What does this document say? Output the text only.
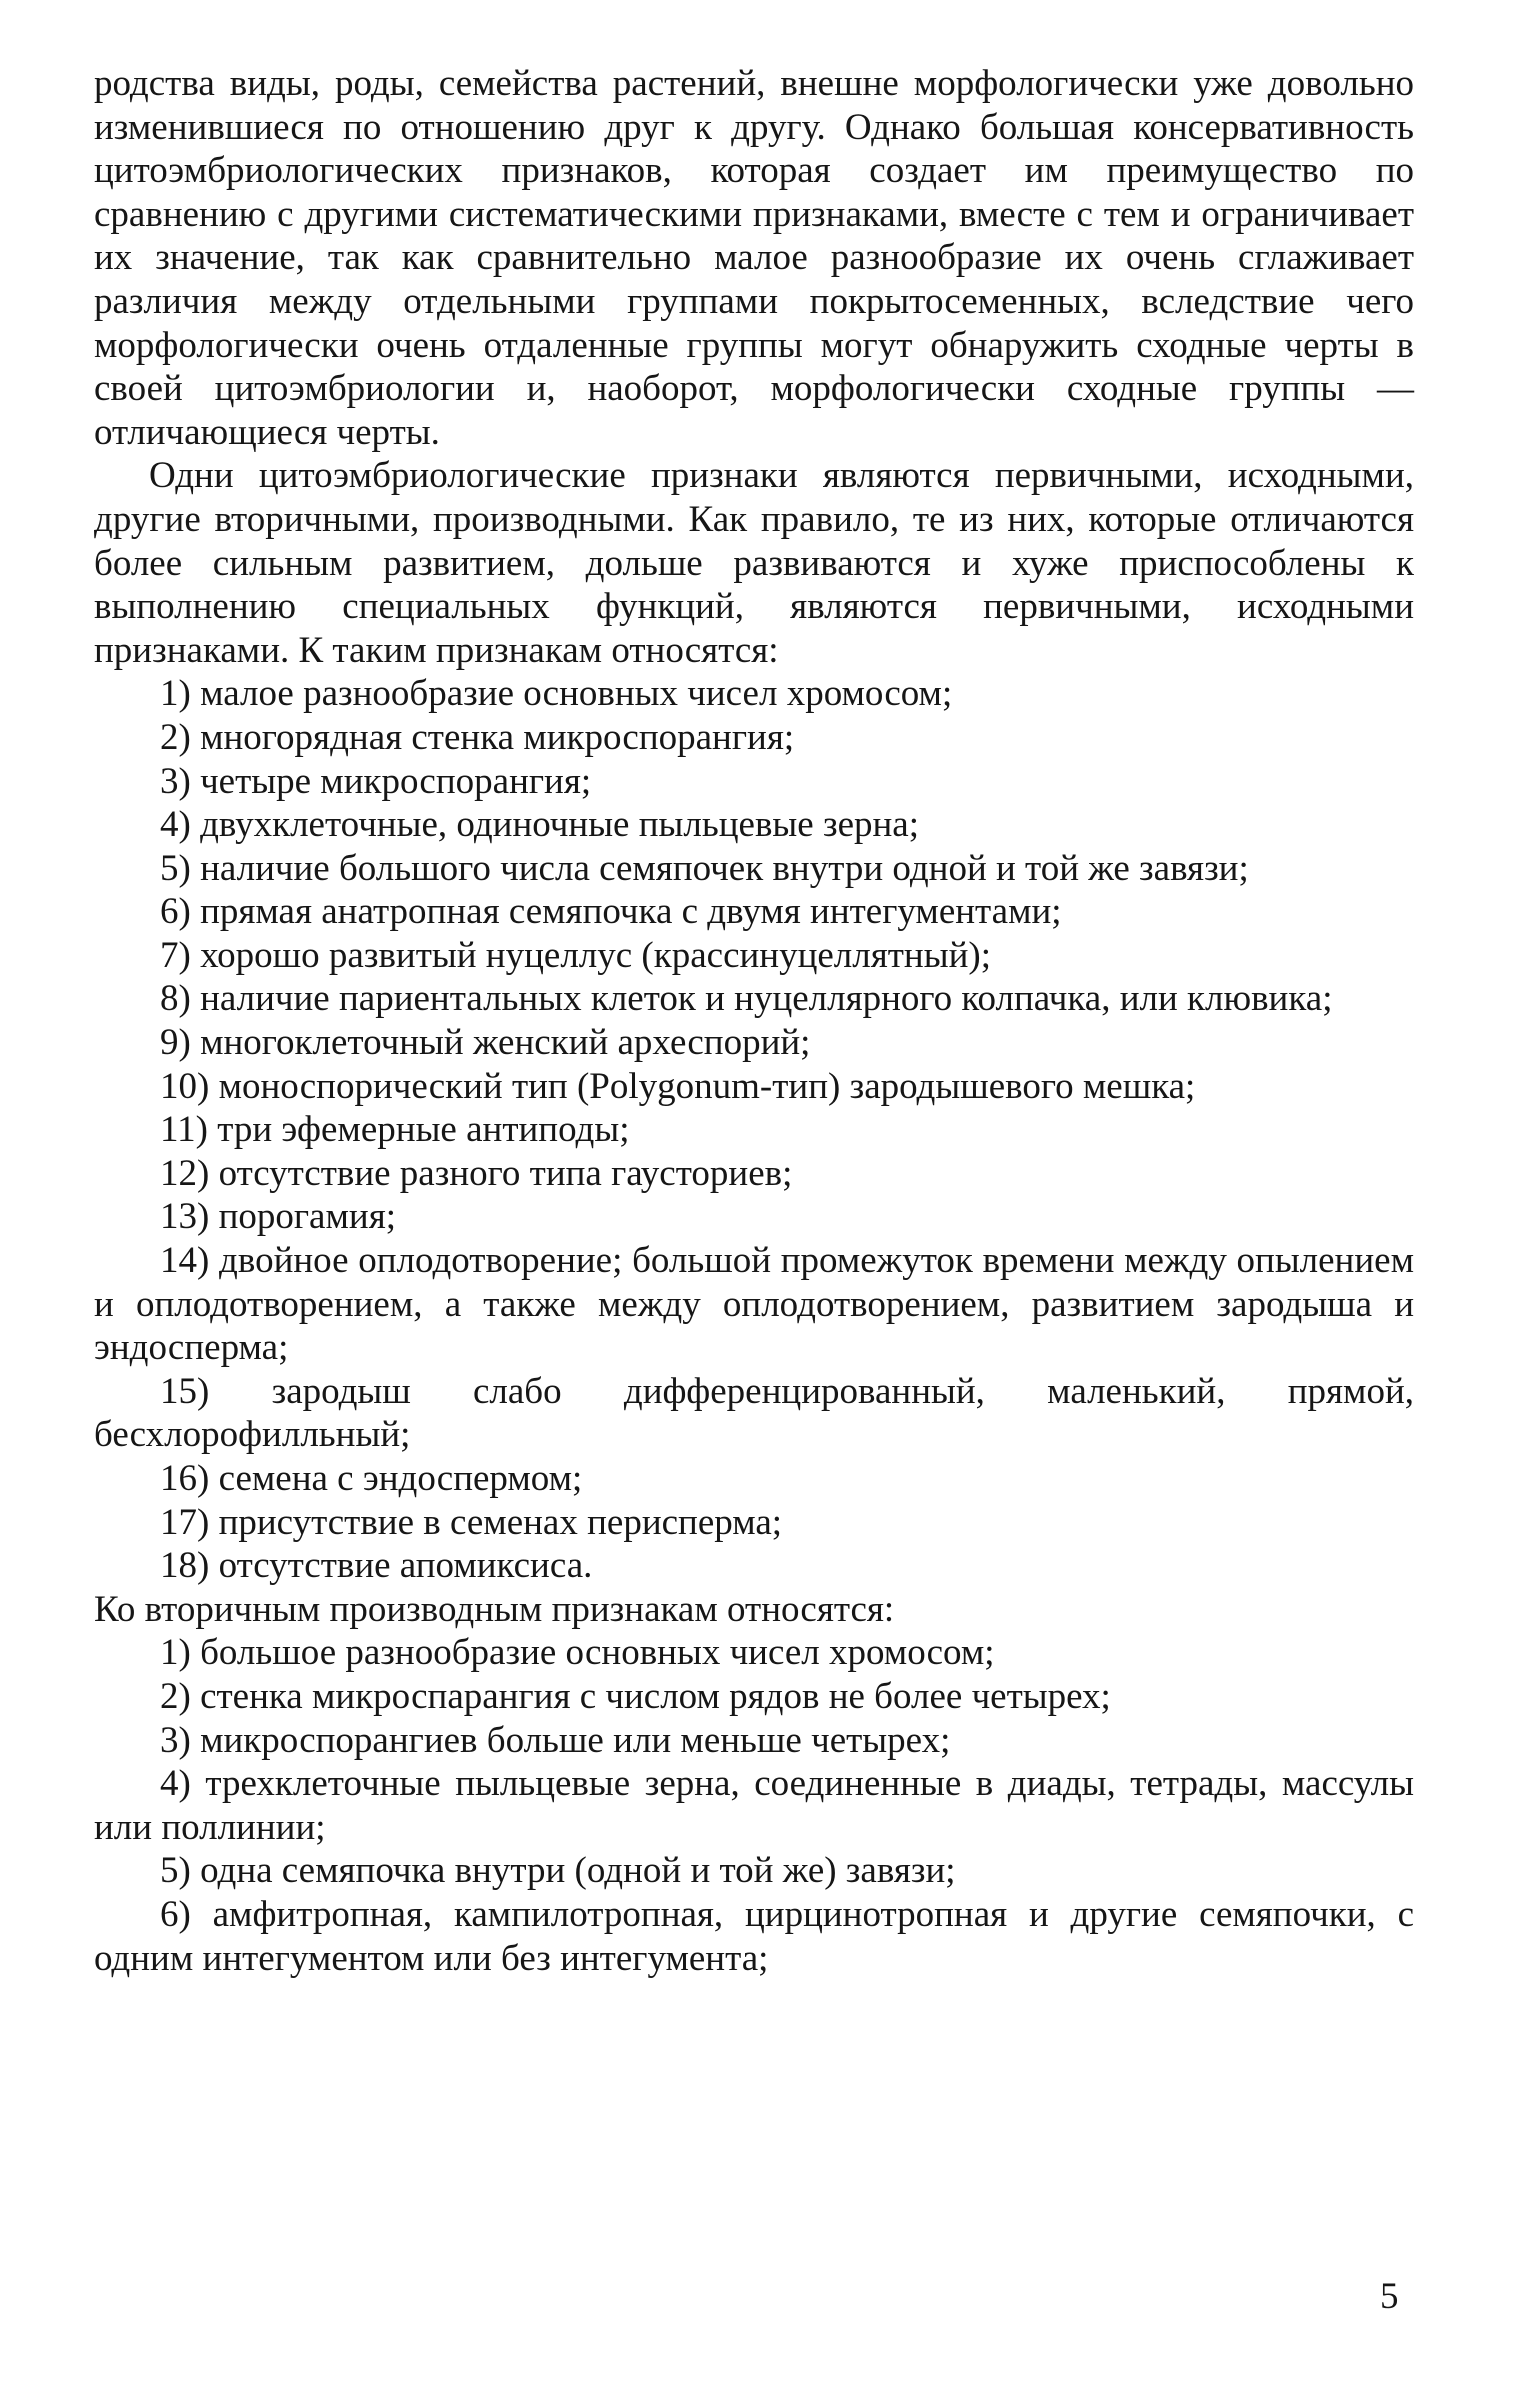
родства виды, роды, семейства растений, внешне морфологически уже довольно изменившиеся по отношению друг к другу. Однако большая консервативность цитоэмбриологических признаков, которая создает им преимущество по сравнению с другими систематическими признаками, вместе с тем и ограничивает их значение, так как сравнительно малое разнообразие их очень сглаживает различия между отдельными группами покрытосеменных, вследствие чего морфологически очень отдаленные группы могут обнаружить сходные черты в своей цитоэмбриологии и, наоборот, морфологически сходные группы — отличающиеся черты.

Одни цитоэмбриологические признаки являются первичными, исходными, другие вторичными, производными. Как правило, те из них, которые отличаются более сильным развитием, дольше развиваются и хуже приспособлены к выполнению специальных функций, являются первичными, исходными признаками. К таким признакам относятся:

1) малое разнообразие основных чисел хромосом;

2) многорядная стенка микроспорангия;

3) четыре микроспорангия;

4) двухклеточные, одиночные пыльцевые зерна;

5) наличие большого числа семяпочек внутри одной и той же завязи;

6) прямая анатропная семяпочка с двумя интегументами;

7) хорошо развитый нуцеллус (крассинуцеллятный);

8) наличие париентальных клеток и нуцеллярного колпачка, или клювика;

9) многоклеточный женский археспорий;

10) моноспорический тип (Polygonum-тип) зародышевого мешка;

11) три эфемерные антиподы;

12) отсутствие разного типа гаусториев;

13) порогамия;

14) двойное оплодотворение; большой промежуток времени между опылением и оплодотворением, а также между оплодотворением, развитием зародыша и эндосперма;

15) зародыш слабо дифференцированный, маленький, прямой, бесхлорофилльный;

16) семена с эндоспермом;

17) присутствие в семенах перисперма;

18) отсутствие апомиксиса.

Ко вторичным производным признакам относятся:

1) большое разнообразие основных чисел хромосом;

2) стенка микроспарангия с числом рядов не более четырех;

3) микроспорангиев больше или меньше четырех;

4) трехклеточные пыльцевые зерна, соединенные в диады, тетрады, массулы или поллинии;

5) одна семяпочка внутри (одной и той же) завязи;

6) амфитропная, кампилотропная, цирцинотропная и другие семяпочки, с одним интегументом или без интегумента;

5
